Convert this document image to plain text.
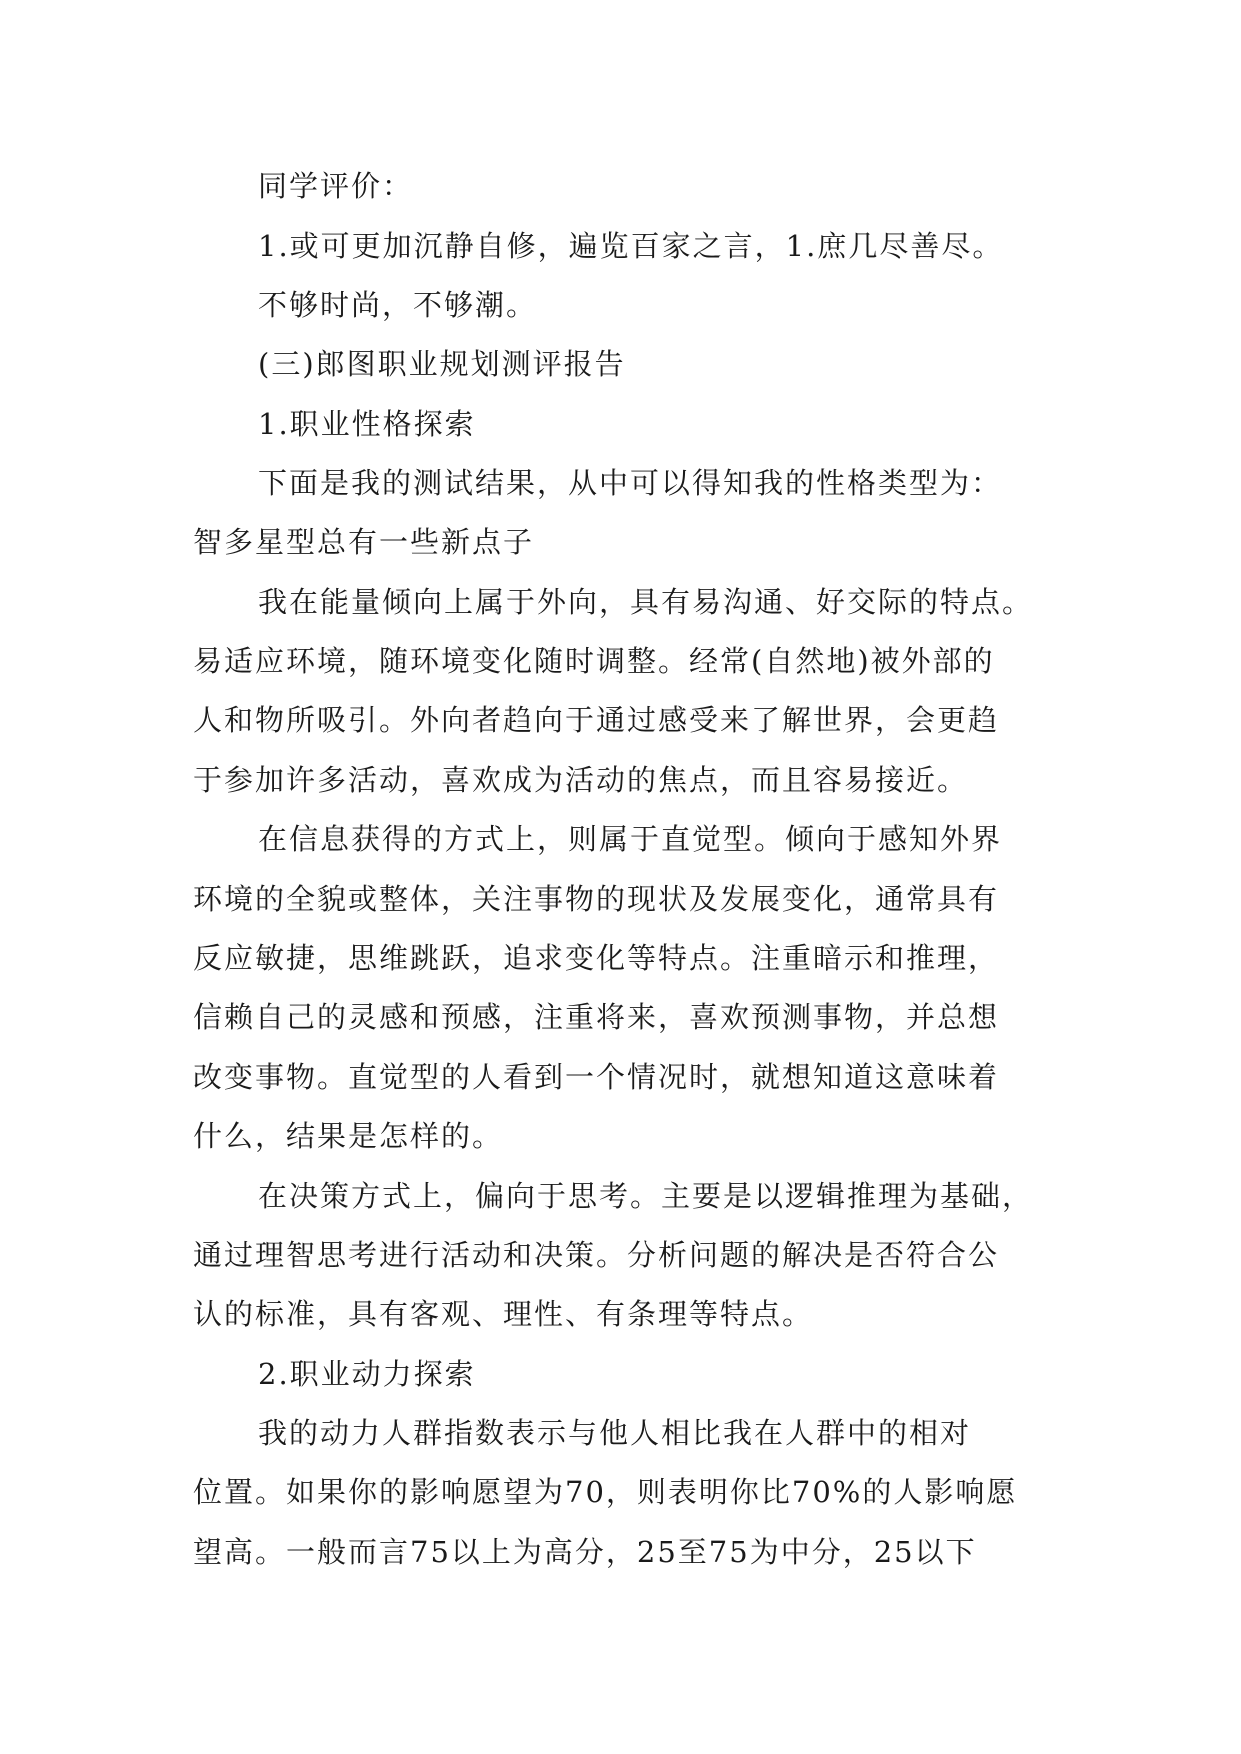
同学评价：
1.或可更加沉静自修，遍览百家之言，1.庶几尽善尽。
不够时尚，不够潮。
(三)郎图职业规划测评报告
1.职业性格探索
下面是我的测试结果，从中可以得知我的性格类型为：
智多星型总有一些新点子
我在能量倾向上属于外向，具有易沟通、好交际的特点。
易适应环境，随环境变化随时调整。经常(自然地)被外部的
人和物所吸引。外向者趋向于通过感受来了解世界，会更趋
于参加许多活动，喜欢成为活动的焦点，而且容易接近。
在信息获得的方式上，则属于直觉型。倾向于感知外界
环境的全貌或整体，关注事物的现状及发展变化，通常具有
反应敏捷，思维跳跃，追求变化等特点。注重暗示和推理，
信赖自己的灵感和预感，注重将来，喜欢预测事物，并总想
改变事物。直觉型的人看到一个情况时，就想知道这意味着
什么，结果是怎样的。
在决策方式上，偏向于思考。主要是以逻辑推理为基础，
通过理智思考进行活动和决策。分析问题的解决是否符合公
认的标准，具有客观、理性、有条理等特点。
2.职业动力探索
我的动力人群指数表示与他人相比我在人群中的相对
位置。如果你的影响愿望为70，则表明你比70%的人影响愿
望高。一般而言75以上为高分，25至75为中分，25以下
